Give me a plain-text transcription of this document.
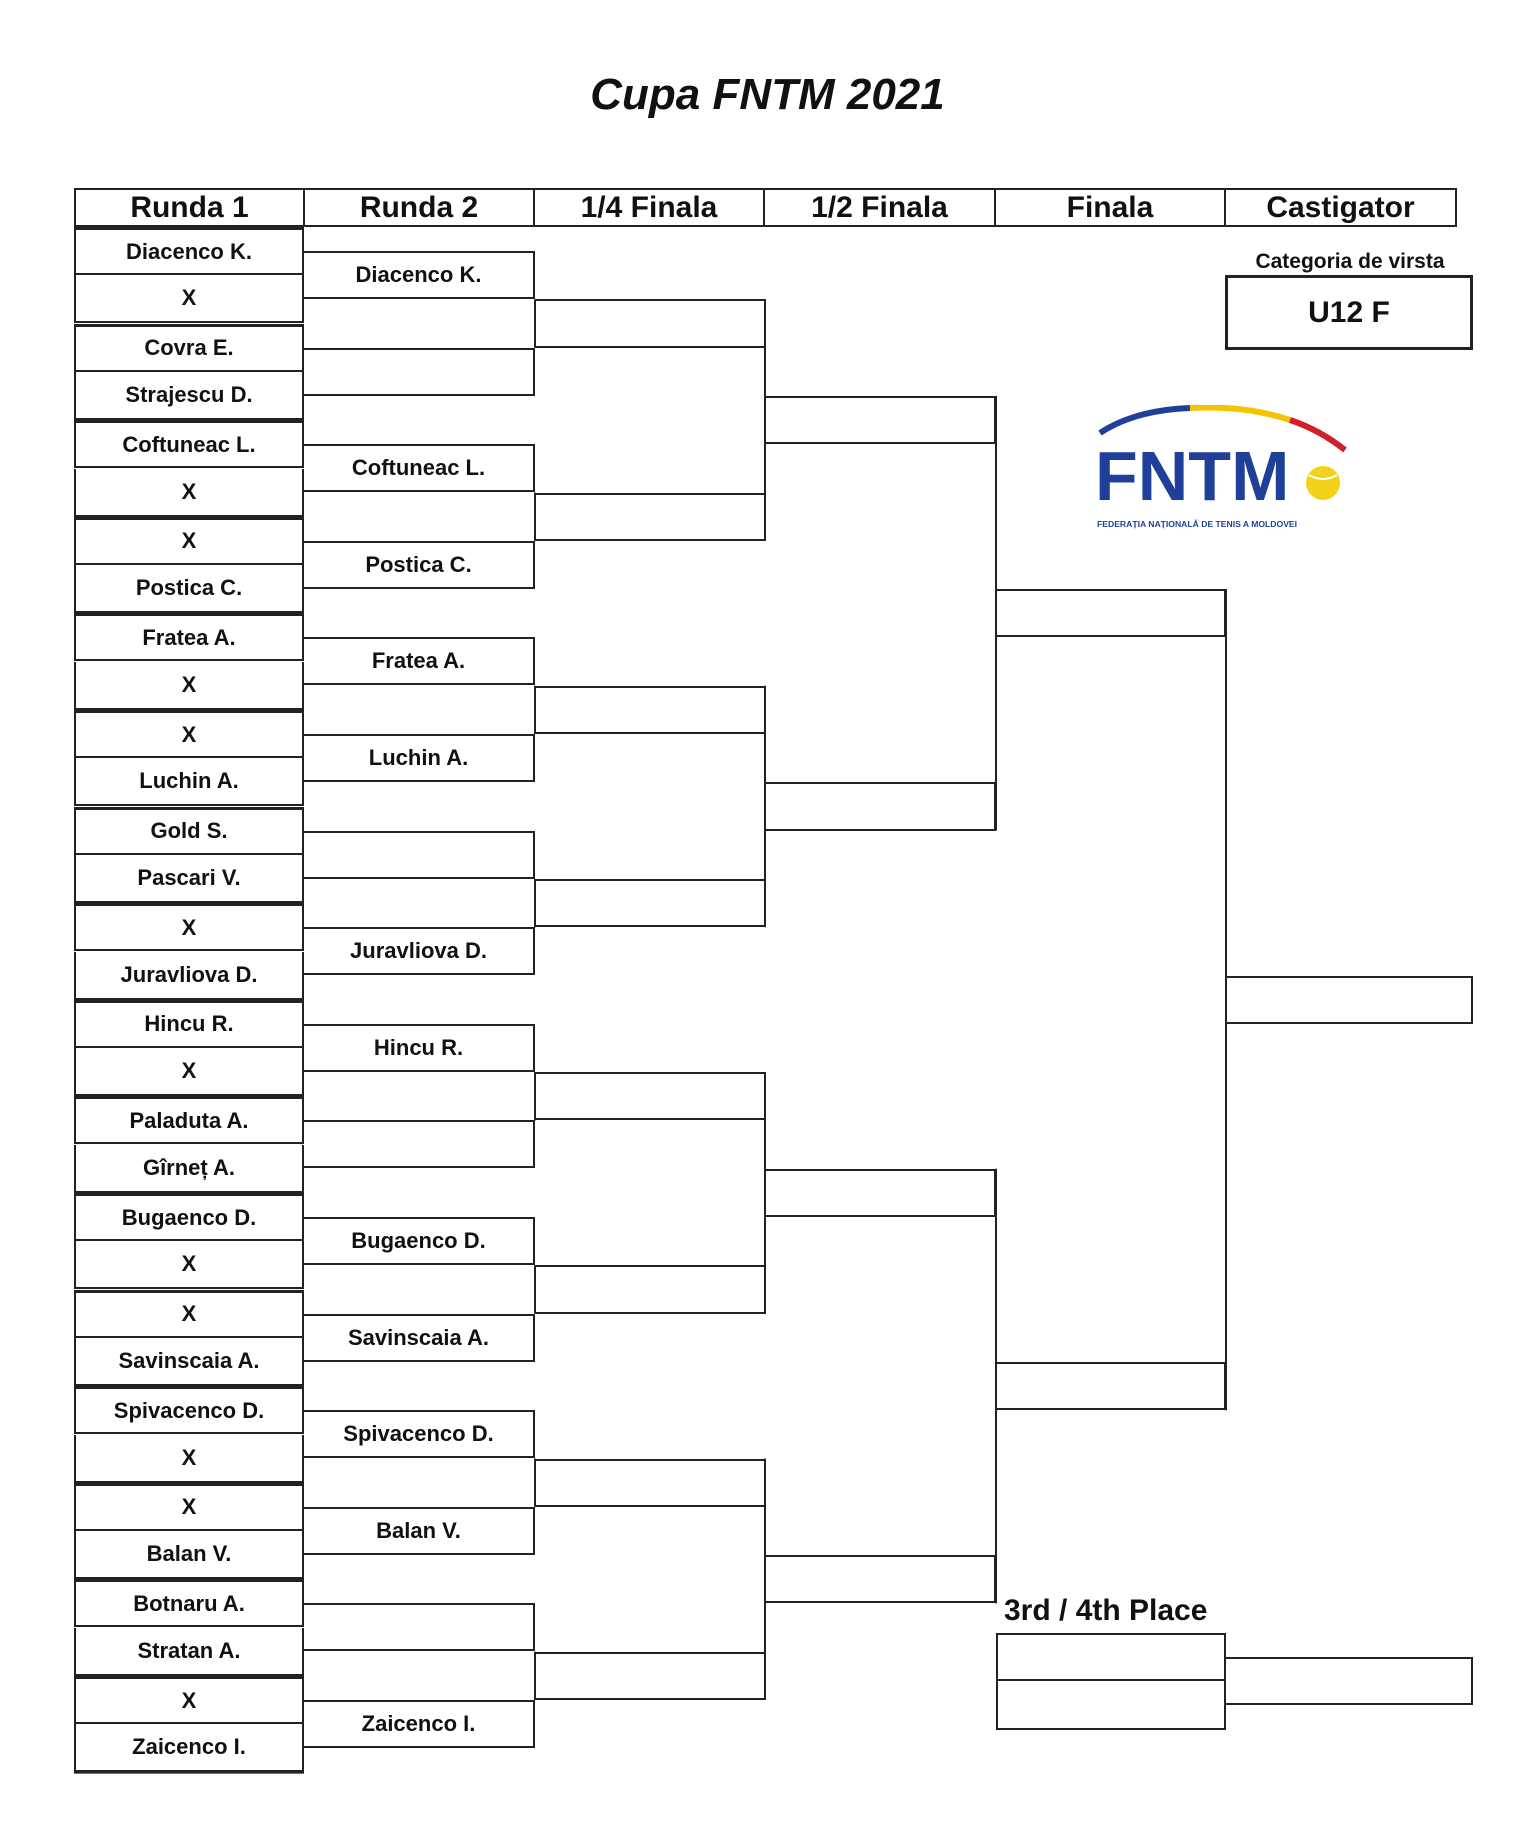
Cupa FNTM 2021
Runda 1	Runda 2	1/4 Finala	1/2 Finala	Finala	Castigator
Categoria de virsta
U12 F
FNTM
FEDERAȚIA NAȚIONALĂ DE TENIS A MOLDOVEI
3rd / 4th Place
Diacenco K.
X
Covra E.
Strajescu D.
Coftuneac L.
X
X
Postica C.
Fratea A.
X
X
Luchin A.
Gold S.
Pascari V.
X
Juravliova D.
Hincu R.
X
Paladuta A.
Gîrneț A.
Bugaenco D.
X
X
Savinscaia A.
Spivacenco D.
X
X
Balan V.
Botnaru A.
Stratan A.
X
Zaicenco I.
Diacenco K.
Coftuneac L.
Postica C.
Fratea A.
Luchin A.
Juravliova D.
Hincu R.
Bugaenco D.
Savinscaia A.
Spivacenco D.
Balan V.
Zaicenco I.
